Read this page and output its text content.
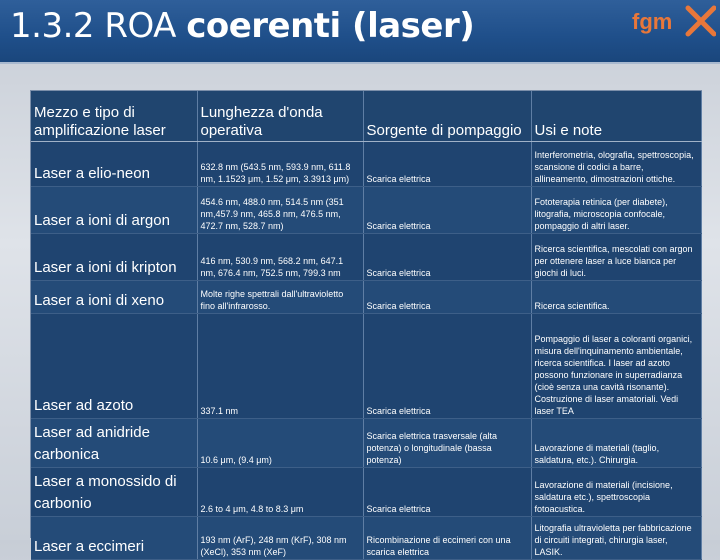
1.3.2 ROA coerenti (laser)	fgm
Mezzo e tipo di amplificazione laser	Lunghezza d'onda operativa	Sorgente di pompaggio	Usi e note
Laser a elio-neon	632.8 nm (543.5 nm, 593.9 nm, 611.8 nm, 1.1523 μm, 1.52 μm, 3.3913 μm)	Scarica elettrica	Interferometria, olografia, spettroscopia, scansione di codici a barre, allineamento, dimostrazioni ottiche.
Laser a ioni di argon	454.6 nm, 488.0 nm, 514.5 nm (351 nm,457.9 nm, 465.8 nm, 476.5 nm, 472.7 nm, 528.7 nm)	Scarica elettrica	Fototerapia retinica (per diabete), litografia, microscopia confocale, pompaggio di altri laser.
Laser a ioni di kripton	416 nm, 530.9 nm, 568.2 nm, 647.1 nm, 676.4 nm, 752.5 nm, 799.3 nm	Scarica elettrica	Ricerca scientifica, mescolati con argon per ottenere laser a luce bianca per giochi di luci.
Laser a ioni di xeno	Molte righe spettrali dall'ultravioletto fino all'infrarosso.	Scarica elettrica	Ricerca scientifica.
Laser ad azoto	337.1 nm	Scarica elettrica	Pompaggio di laser a coloranti organici, misura dell'inquinamento ambientale, ricerca scientifica. I laser ad azoto possono funzionare in superradianza (cioè senza una cavità risonante). Costruzione di laser amatoriali. Vedi laser TEA
Laser ad anidride carbonica	10.6 μm, (9.4 μm)	Scarica elettrica trasversale (alta potenza) o longitudinale (bassa potenza)	Lavorazione di materiali (taglio, saldatura, etc.). Chirurgia.
Laser a monossido di carbonio	2.6 to 4 μm, 4.8 to 8.3 μm	Scarica elettrica	Lavorazione di materiali (incisione, saldatura etc.), spettroscopia fotoacustica.
Laser a eccimeri	193 nm (ArF), 248 nm (KrF), 308 nm (XeCl), 353 nm (XeF)	Ricombinazione di eccimeri con una scarica elettrica	Litografia ultravioletta per fabbricazione di circuiti integrati, chirurgia laser, LASIK.
